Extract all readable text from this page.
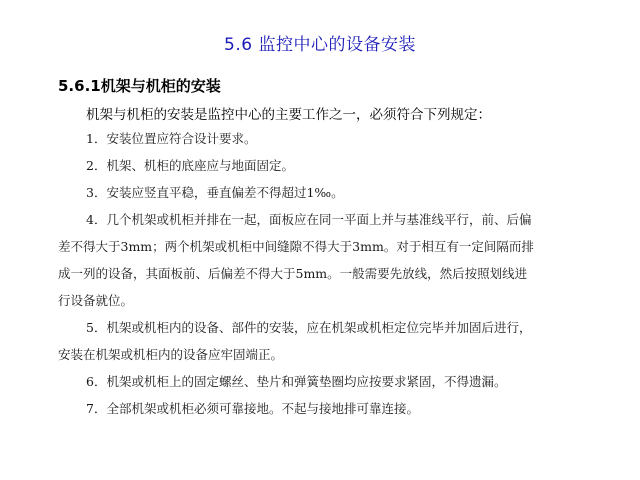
5.6 监控中心的设备安装
5.6.1机架与机柜的安装
机架与机柜的安装是监控中心的主要工作之一，必须符合下列规定：
1．安装位置应符合设计要求。
2．机架、机柜的底座应与地面固定。
3．安装应竖直平稳，垂直偏差不得超过1‰。
4．几个机架或机柜并排在一起，面板应在同一平面上并与基准线平行，前、后偏
差不得大于3mm；两个机架或机柜中间缝隙不得大于3mm。对于相互有一定间隔而排
成一列的设备，其面板前、后偏差不得大于5mm。一般需要先放线，然后按照划线进
行设备就位。
5．机架或机柜内的设备、部件的安装，应在机架或机柜定位完毕并加固后进行，
安装在机架或机柜内的设备应牢固端正。
6．机架或机柜上的固定螺丝、垫片和弹簧垫圈均应按要求紧固，不得遗漏。
7．全部机架或机柜必须可靠接地。不起与接地排可靠连接。
